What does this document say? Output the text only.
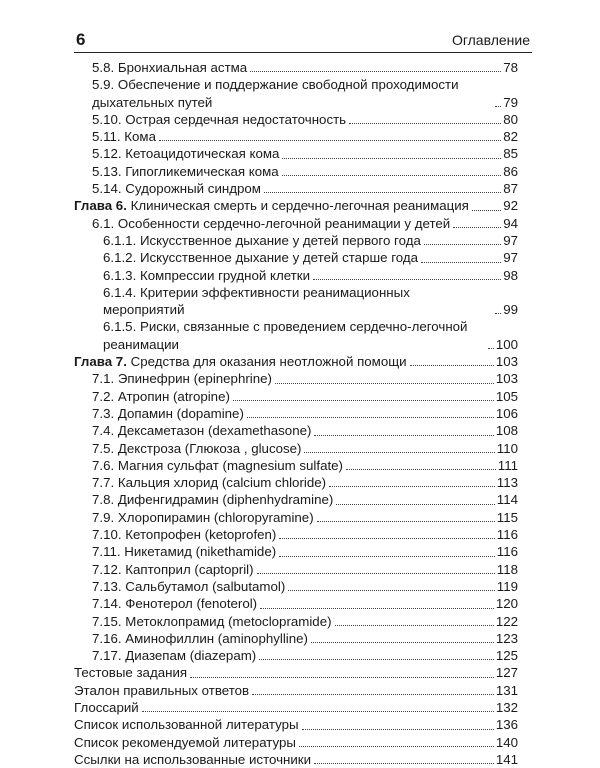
6	Оглавление
5.8. Бронхиальная астма	78
5.9. Обеспечение и поддержание свободной проходимости дыхательных путей	79
5.10. Острая сердечная недостаточность	80
5.11. Кома	82
5.12. Кетоацидотическая кома	85
5.13. Гипогликемическая кома	86
5.14. Судорожный синдром	87
Глава 6. Клиническая смерть и сердечно-легочная реанимация	92
6.1. Особенности сердечно-легочной реанимации у детей	94
6.1.1. Искусственное дыхание у детей первого года	97
6.1.2. Искусственное дыхание у детей старше года	97
6.1.3. Компрессии грудной клетки	98
6.1.4. Критерии эффективности реанимационных мероприятий	99
6.1.5. Риски, связанные с проведением сердечно-легочной реанимации	100
Глава 7. Средства для оказания неотложной помощи	103
7.1. Эпинефрин (epinephrine)	103
7.2. Атропин (atropine)	105
7.3. Допамин (dopamine)	106
7.4. Дексаметазон (dexamethasone)	108
7.5. Декстроза (Глюкоза , glucose)	110
7.6. Магния сульфат (magnesium sulfate)	111
7.7. Кальция хлорид (calcium chloride)	113
7.8. Дифенгидрамин (diphenhydramine)	114
7.9. Хлоропирамин (chloropyramine)	115
7.10. Кетопрофен (ketoprofen)	116
7.11. Никетамид (nikethamide)	116
7.12. Каптоприл (captopril)	118
7.13. Сальбутамол (salbutamol)	119
7.14. Фенотерол (fenoterol)	120
7.15. Метоклопрамид (metoclopramide)	122
7.16. Аминофиллин (aminophylline)	123
7.17. Диазепам (diazepam)	125
Тестовые задания	127
Эталон правильных ответов	131
Глоссарий	132
Список использованной литературы	136
Список рекомендуемой литературы	140
Ссылки на использованные источники	141
